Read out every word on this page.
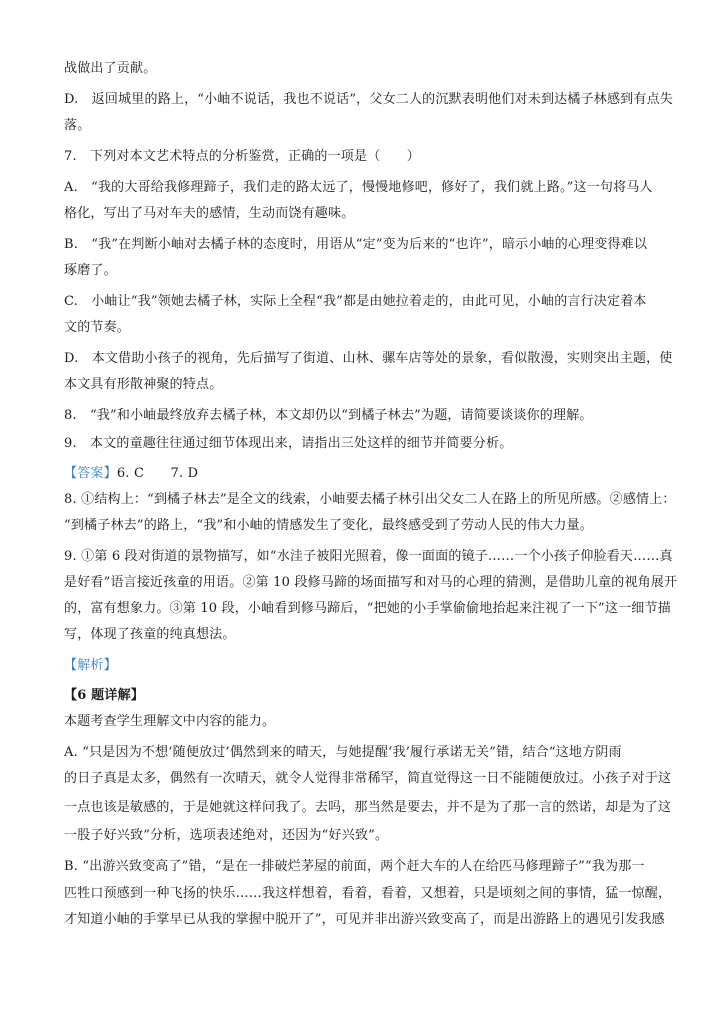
战做出了贡献。
D.　返回城里的路上，“小岫不说话，我也不说话”，父女二人的沉默表明他们对未到达橘子林感到有点失
落。
7.　下列对本文艺术特点的分析鉴赏，正确的一项是（　　）
A.　“我的大哥给我修理蹄子，我们走的路太远了，慢慢地修吧，修好了，我们就上路。”这一句将马人
格化，写出了马对车夫的感情，生动而饶有趣味。
B.　“我”在判断小岫对去橘子林的态度时，用语从“定”变为后来的“也许”，暗示小岫的心理变得难以
琢磨了。
C.　小岫让“我”领她去橘子林，实际上全程“我”都是由她拉着走的，由此可见，小岫的言行决定着本
文的节奏。
D.　本文借助小孩子的视角，先后描写了街道、山林、骡车店等处的景象，看似散漫，实则突出主题，使
本文具有形散神聚的特点。
8.　“我”和小岫最终放弃去橘子林，本文却仍以“到橘子林去”为题，请简要谈谈你的理解。
9.　本文的童趣往往通过细节体现出来，请指出三处这样的细节并简要分析。
【答案】6. C　　7. D
8. ①结构上：“到橘子林去”是全文的线索，小岫要去橘子林引出父女二人在路上的所见所感。②感情上：
“到橘子林去”的路上，“我”和小岫的情感发生了变化，最终感受到了劳动人民的伟大力量。
9. ①第 6 段对街道的景物描写，如“水洼子被阳光照着，像一面面的镜子……一个小孩子仰脸看天……真
是好看”语言接近孩童的用语。②第 10 段修马蹄的场面描写和对马的心理的猜测，是借助儿童的视角展开
的，富有想象力。③第 10 段，小岫看到修马蹄后，“把她的小手掌偷偷地抬起来注视了一下”这一细节描
写，体现了孩童的纯真想法。
【解析】
【6 题详解】
本题考查学生理解文中内容的能力。
A. “只是因为不想‘随便放过’偶然到来的晴天，与她提醒‘我’履行承诺无关”错，结合“这地方阴雨
的日子真是太多，偶然有一次晴天，就令人觉得非常稀罕，简直觉得这一日不能随便放过。小孩子对于这
一点也该是敏感的，于是她就这样问我了。去吗，那当然是要去，并不是为了那一言的然诺，却是为了这
一股子好兴致”分析，选项表述绝对，还因为“好兴致”。
B. “出游兴致变高了”错，“是在一排破烂茅屋的前面，两个赶大车的人在给匹马修理蹄子”“我为那一
匹牲口预感到一种飞扬的快乐……我这样想着，看着，看着，又想着，只是顷刻之间的事情，猛一惊醒，
才知道小岫的手掌早已从我的掌握中脱开了”，可见并非出游兴致变高了，而是出游路上的遇见引发我感
